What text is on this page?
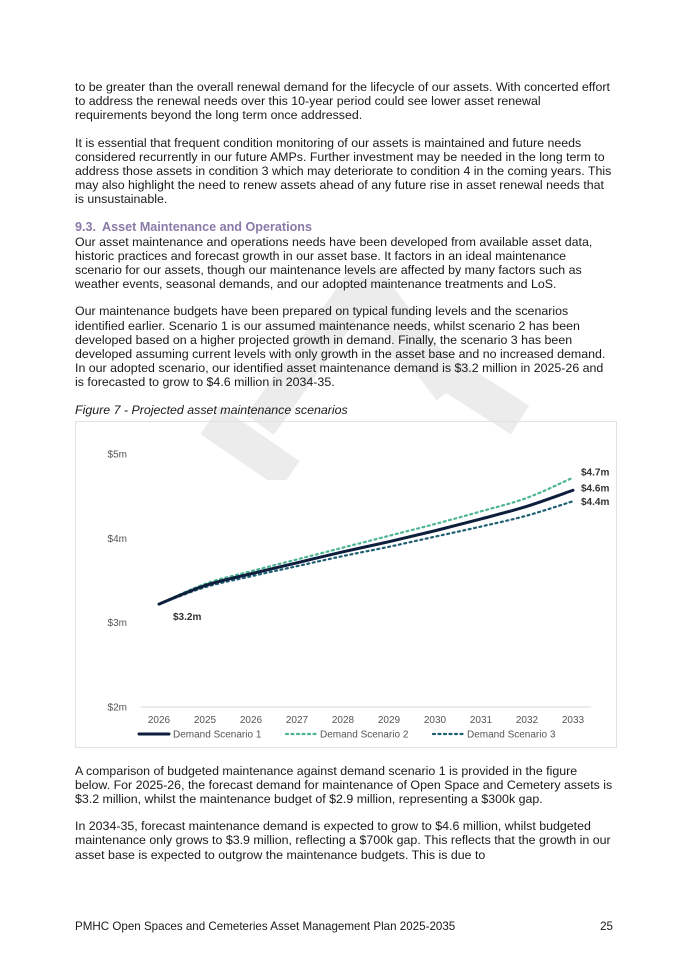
to be greater than the overall renewal demand for the lifecycle of our assets. With concerted effort to address the renewal needs over this 10-year period could see lower asset renewal requirements beyond the long term once addressed.

It is essential that frequent condition monitoring of our assets is maintained and future needs considered recurrently in our future AMPs. Further investment may be needed in the long term to address those assets in condition 3 which may deteriorate to condition 4 in the coming years. This may also highlight the need to renew assets ahead of any future rise in asset renewal needs that is unsustainable.

9.3. Asset Maintenance and Operations

Our asset maintenance and operations needs have been developed from available asset data, historic practices and forecast growth in our asset base. It factors in an ideal maintenance scenario for our assets, though our maintenance levels are affected by many factors such as weather events, seasonal demands, and our adopted maintenance treatments and LoS.

Our maintenance budgets have been prepared on typical funding levels and the scenarios identified earlier. Scenario 1 is our assumed maintenance needs, whilst scenario 2 has been developed based on a higher projected growth in demand. Finally, the scenario 3 has been developed assuming current levels with only growth in the asset base and no increased demand. In our adopted scenario, our identified asset maintenance demand is $3.2 million in 2025-26 and is forecasted to grow to $4.6 million in 2034-35.

Figure 7 - Projected asset maintenance scenarios
$2m
$3m
$4m
$5m
2026 2025 2026 2027 2028 2029 2030 2031 2032 2033
$4.6m
$4.7m
$4.4m
$3.2m
Demand Scenario 1	Demand Scenario 2	Demand Scenario 3

A comparison of budgeted maintenance against demand scenario 1 is provided in the figure below. For 2025-26, the forecast demand for maintenance of Open Space and Cemetery assets is $3.2 million, whilst the maintenance budget of $2.9 million, representing a $300k gap.

In 2034-35, forecast maintenance demand is expected to grow to $4.6 million, whilst budgeted maintenance only grows to $3.9 million, reflecting a $700k gap. This reflects that the growth in our asset base is expected to outgrow the maintenance budgets. This is due to

PMHC Open Spaces and Cemeteries Asset Management Plan 2025-2035	25
